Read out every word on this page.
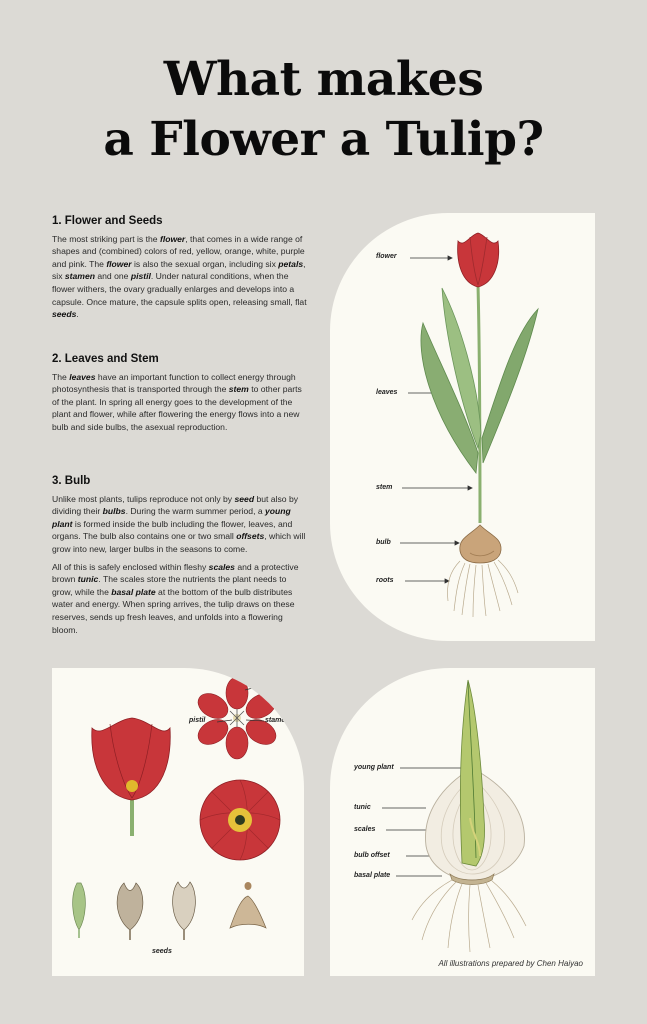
What makes
a Flower a Tulip?
1. Flower and Seeds

The most striking part is the flower, that comes in a wide range of shapes and (combined) colors of red, yellow, orange, white, purple and pink. The flower is also the sexual organ, including six petals, six stamen and one pistil. Under natural conditions, when the flower withers, the ovary gradually enlarges and develops into a capsule. Once mature, the capsule splits open, releasing small, flat seeds.

2. Leaves and Stem

The leaves have an important function to collect energy through photosynthesis that is transported through the stem to other parts of the plant. In spring all energy goes to the development of the plant and flower, while after flowering the energy flows into a new bulb and side bulbs, the asexual reproduction.

3. Bulb

Unlike most plants, tulips reproduce not only by seed but also by dividing their bulbs. During the warm summer period, a young plant is formed inside the bulb including the flower, leaves, and organs. The bulb also contains one or two small offsets, which will grow into new, larger bulbs in the seasons to come.

All of this is safely enclosed within fleshy scales and a protective brown tunic. The scales store the nutrients the plant needs to grow, while the basal plate at the bottom of the bulb distributes water and energy. When spring arrives, the tulip draws on these reserves, sends up fresh leaves, and unfolds into a flowering bloom.

flower
leaves
stem
bulb
roots
petal
pistil	stamen
seeds
young plant
tunic
scales
bulb offset
basal plate
All illustrations prepared by Chen Haiyao
